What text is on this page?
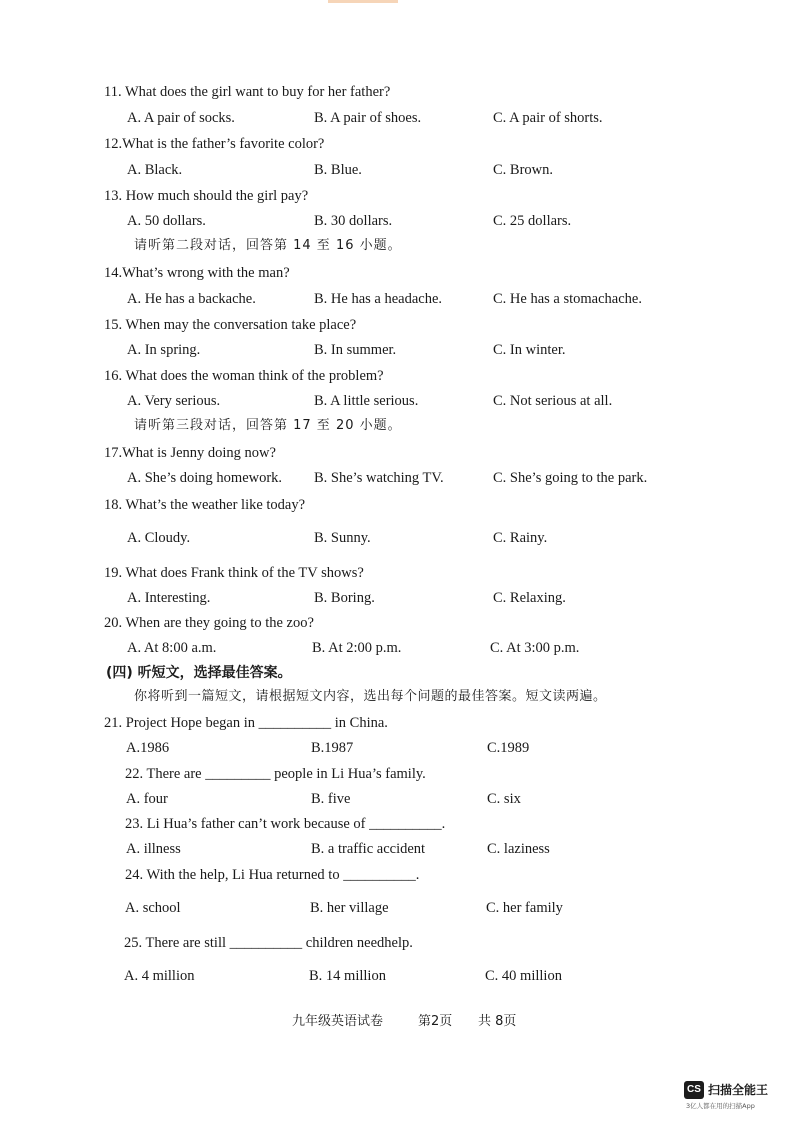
11. What does the girl want to buy for her father?
A. A pair of socks.	B. A pair of shoes.	C. A pair of shorts.
12.What is the father’s favorite color?
A. Black.	B. Blue.	C. Brown.
13. How much should the girl pay?
A. 50 dollars.	B. 30 dollars.	C. 25 dollars.
请听第二段对话，回答第 14 至 16 小题。
14.What’s wrong with the man?
A. He has a backache.	B. He has a headache.	C. He has a stomachache.
15. When may the conversation take place?
A. In spring.	B. In summer.	C. In winter.
16. What does the woman think of the problem?
A. Very serious.	B. A little serious.	C. Not serious at all.
请听第三段对话，回答第 17 至 20 小题。
17.What is Jenny doing now?
A. She’s doing homework. B. She’s watching TV.	C. She’s going to the park.
18. What’s the weather like today?
A. Cloudy.	B. Sunny.	C. Rainy.
19. What does Frank think of the TV shows?
A. Interesting.	B. Boring.	C. Relaxing.
20. When are they going to the zoo?
A. At 8:00 a.m.	B. At 2:00 p.m.	C. At 3:00 p.m.
(四) 听短文，选择最佳答案。
你将听到一篇短文，请根据短文内容，选出每个问题的最佳答案。短文读两遍。
21. Project Hope began in __________ in China.
A.1986	B.1987	C.1989
22. There are _________ people in Li Hua’s family.
A. four	B. five	C. six
23. Li Hua’s father can’t work because of __________.
A. illness	B. a traffic accident	C. laziness
24. With the help, Li Hua returned to __________.
A. school	B. her village	C. her family
25. There are still __________ children needhelp.
A. 4 million	B. 14 million	C. 40 million
九年级英语试卷	第2页 共 8页
CS 扫描全能王
3亿人都在用的扫描App
